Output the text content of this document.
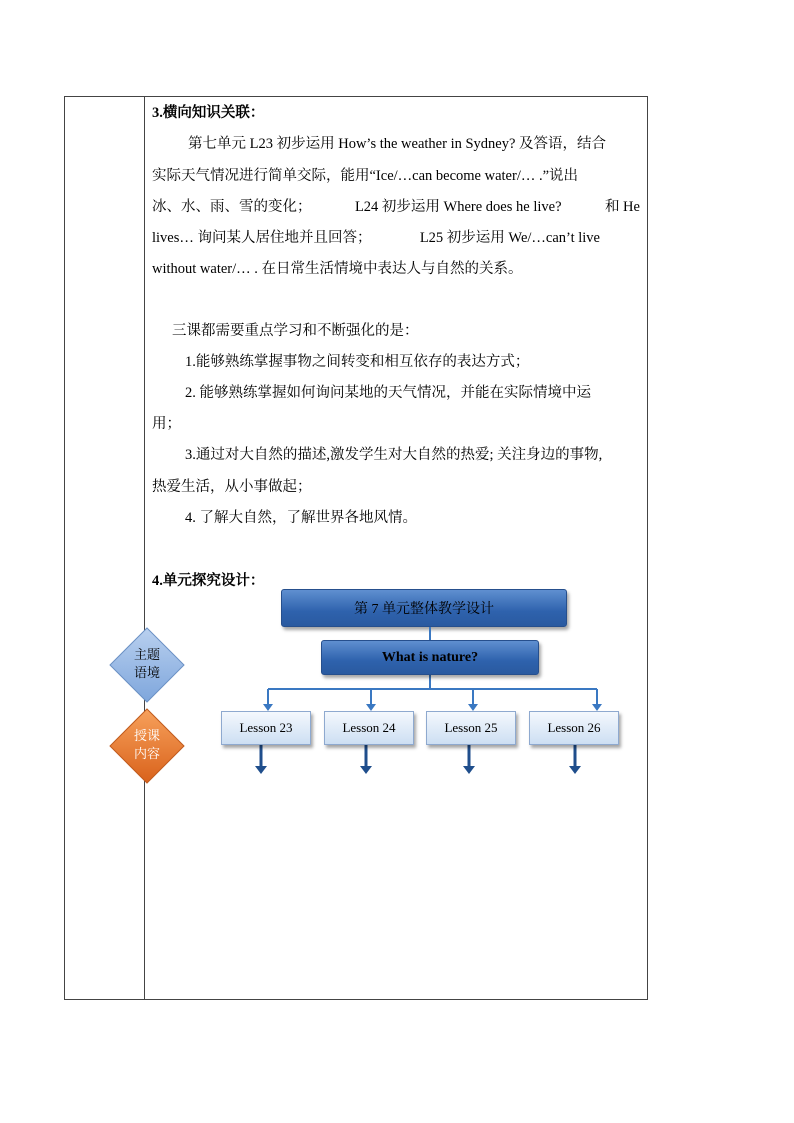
主题
语境
授课
内容
3.横向知识关联：
第七单元 L23 初步运用 How’s the weather in Sydney? 及答语，结合
实际天气情况进行简单交际，能用“Ice/…can become water/… .”说出
冰、水、雨、雪的变化；	L24 初步运用 Where does he live?	和 He
lives… 询问某人居住地并且回答；	L25 初步运用 We/…can’t live
without water/… . 在日常生活情境中表达人与自然的关系。
三课都需要重点学习和不断强化的是：
1.能够熟练掌握事物之间转变和相互依存的表达方式；
2. 能够熟练掌握如何询问某地的天气情况，并能在实际情境中运
用；
3.通过对大自然的描述,激发学生对大自然的热爱; 关注身边的事物,
热爱生活，从小事做起；
4. 了解大自然，了解世界各地风情。
4.单元探究设计：
第 7 单元整体教学设计
What is nature?
Lesson 23	Lesson 24	Lesson 25	Lesson 26
